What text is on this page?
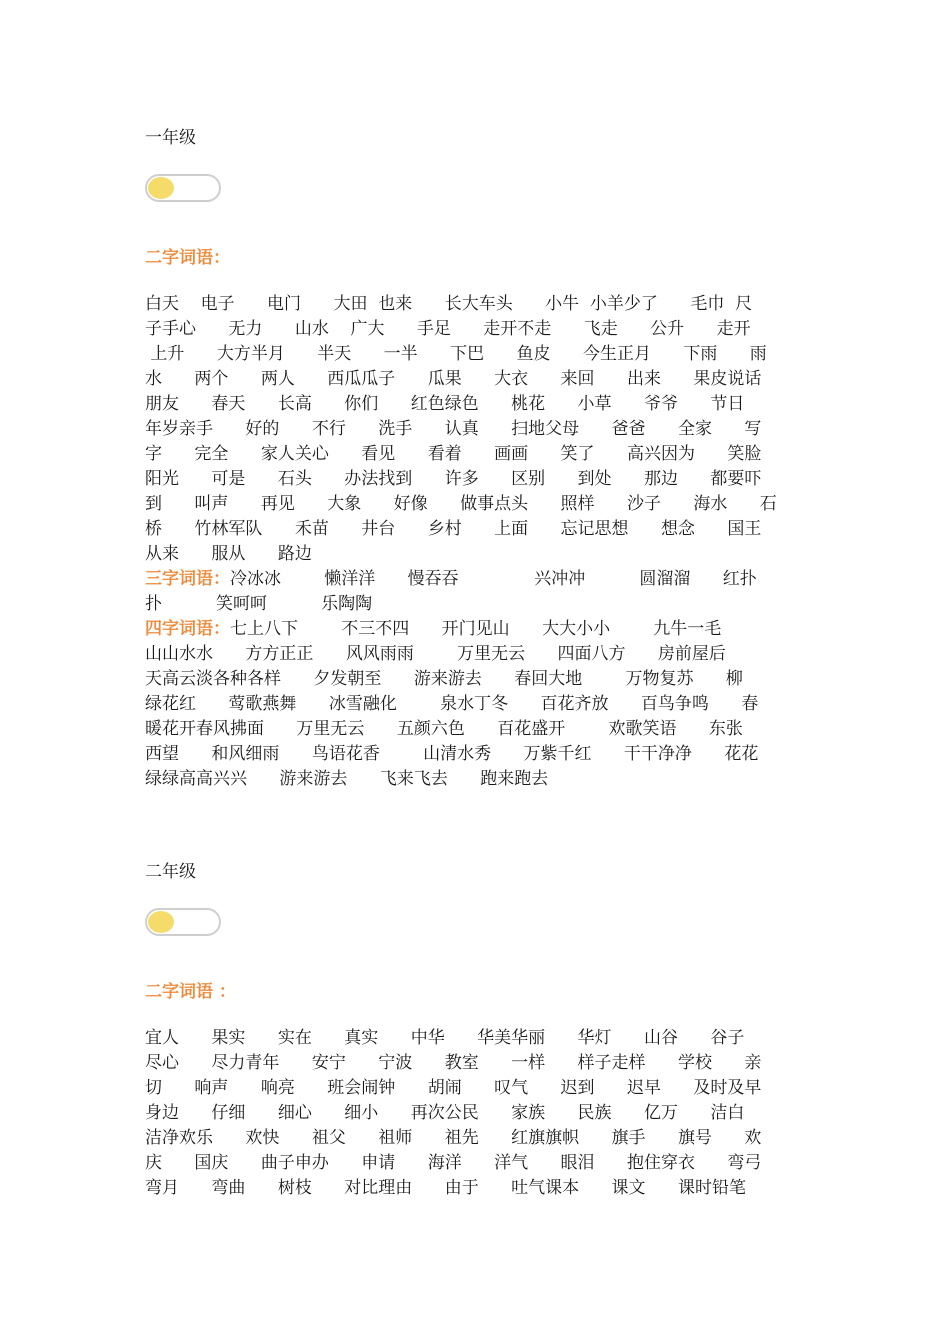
一年级
二字词语：
白天    电子      电门      大田  也来      长大车头      小牛  小羊少了      毛巾  尺
子手心      无力      山水    广大      手足      走开不走      飞走      公升      走开
上升      大方半月      半天      一半      下巴      鱼皮      今生正月      下雨      雨
水      两个      两人      西瓜瓜子      瓜果      大衣      来回      出来      果皮说话
朋友      春天      长高      你们      红色绿色      桃花      小草      爷爷      节日
年岁亲手      好的      不行      洗手      认真      扫地父母      爸爸      全家      写
字      完全      家人关心      看见      看着      画画      笑了      高兴因为      笑脸
阳光      可是      石头      办法找到      许多      区别      到处      那边      都要吓
到      叫声      再见      大象      好像      做事点头      照样      沙子      海水      石
桥      竹林军队      禾苗      井台      乡村      上面      忘记思想      想念      国王
从来      服从      路边
三字词语：冷冰冰        懒洋洋      慢吞吞              兴冲冲          圆溜溜      红扑
扑          笑呵呵          乐陶陶
四字词语：七上八下        不三不四      开门见山      大大小小        九牛一毛
山山水水      方方正正      风风雨雨        万里无云      四面八方      房前屋后
天高云淡各种各样      夕发朝至      游来游去      春回大地        万物复苏      柳
绿花红      莺歌燕舞      冰雪融化        泉水丁冬      百花齐放      百鸟争鸣      春
暖花开春风拂面      万里无云      五颜六色      百花盛开        欢歌笑语      东张
西望      和风细雨      鸟语花香        山清水秀      万紫千红      干干净净      花花
绿绿高高兴兴      游来游去      飞来飞去      跑来跑去
二年级
二字词语 ：
宜人      果实      实在      真实      中华      华美华丽      华灯      山谷      谷子
尽心      尽力青年      安宁      宁波      教室      一样      样子走样      学校      亲
切      响声      响亮      班会闹钟      胡闹      叹气      迟到      迟早      及时及早
身边      仔细      细心      细小      再次公民      家族      民族      亿万      洁白
洁净欢乐      欢快      祖父      祖师      祖先      红旗旗帜      旗手      旗号      欢
庆      国庆      曲子申办      申请      海洋      洋气      眼泪      抱住穿衣      弯弓
弯月      弯曲      树枝      对比理由      由于      吐气课本      课文      课时铅笔
